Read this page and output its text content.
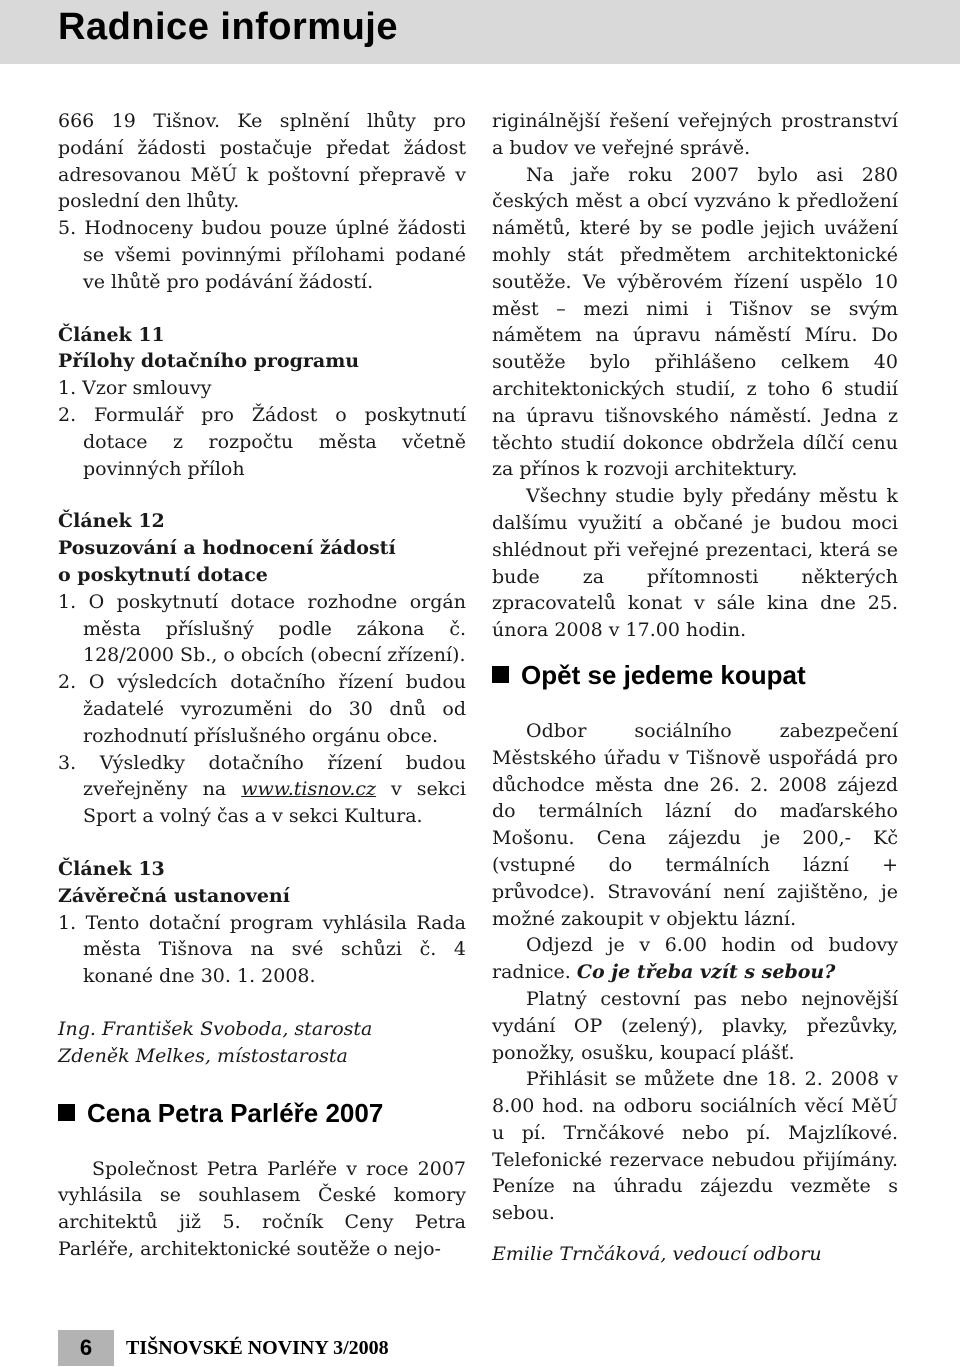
Radnice informuje

666 19 Tišnov. Ke splnění lhůty pro podání žádosti postačuje předat žádost adresovanou MěÚ k poštovní přepravě v poslední den lhůty.

5. Hodnoceny budou pouze úplné žádosti se všemi povinnými přílohami podané ve lhůtě pro podávání žádostí.

Článek 11

Přílohy dotačního programu

1. Vzor smlouvy

2. Formulář pro Žádost o poskytnutí dotace z rozpočtu města včetně povinných příloh

Článek 12

Posuzování a hodnocení žádostí

o poskytnutí dotace

1. O poskytnutí dotace rozhodne orgán města příslušný podle zákona č. 128/2000 Sb., o obcích (obecní zřízení).

2. O výsledcích dotačního řízení budou žadatelé vyrozuměni do 30 dnů od rozhodnutí příslušného orgánu obce.

3. Výsledky dotačního řízení budou zveřejněny na www.tisnov.cz v sekci Sport a volný čas a v sekci Kultura.

Článek 13

Závěrečná ustanovení

1. Tento dotační program vyhlásila Rada města Tišnova na své schůzi č. 4 konané dne 30. 1. 2008.

Ing. František Svoboda, starosta

Zdeněk Melkes, místostarosta

Cena Petra Parléře 2007

Společnost Petra Parléře v roce 2007 vyhlásila se souhlasem České komory architektů již 5. ročník Ceny Petra Parléře, architektonické soutěže o nejo-

riginálnější řešení veřejných prostranství a budov ve veřejné správě.

Na jaře roku 2007 bylo asi 280 českých měst a obcí vyzváno k předložení námětů, které by se podle jejich uvážení mohly stát předmětem architektonické soutěže. Ve výběrovém řízení uspělo 10 měst – mezi nimi i Tišnov se svým námětem na úpravu náměstí Míru. Do soutěže bylo přihlášeno celkem 40 architektonických studií, z toho 6 studií na úpravu tišnovského náměstí. Jedna z těchto studií dokonce obdržela dílčí cenu za přínos k rozvoji architektury.

Všechny studie byly předány městu k dalšímu využití a občané je budou moci shlédnout při veřejné prezentaci, která se bude za přítomnosti některých zpracovatelů konat v sále kina dne 25. února 2008 v 17.00 hodin.

Opět se jedeme koupat

Odbor sociálního zabezpečení Městského úřadu v Tišnově uspořádá pro důchodce města dne 26. 2. 2008 zájezd do termálních lázní do maďarského Mošonu. Cena zájezdu je 200,- Kč (vstupné do termálních lázní + průvodce). Stravování není zajištěno, je možné zakoupit v objektu lázní.

Odjezd je v 6.00 hodin od budovy radnice. Co je třeba vzít s sebou?

Platný cestovní pas nebo nejnovější vydání OP (zelený), plavky, přezůvky, ponožky, osušku, koupací plášť.

Přihlásit se můžete dne 18. 2. 2008 v 8.00 hod. na odboru sociálních věcí MěÚ u pí. Trnčákové nebo pí. Majzlíkové. Telefonické rezervace nebudou přijímány. Peníze na úhradu zájezdu vezměte s sebou.

Emilie Trnčáková, vedoucí odboru

6	TIŠNOVSKÉ NOVINY 3/2008
